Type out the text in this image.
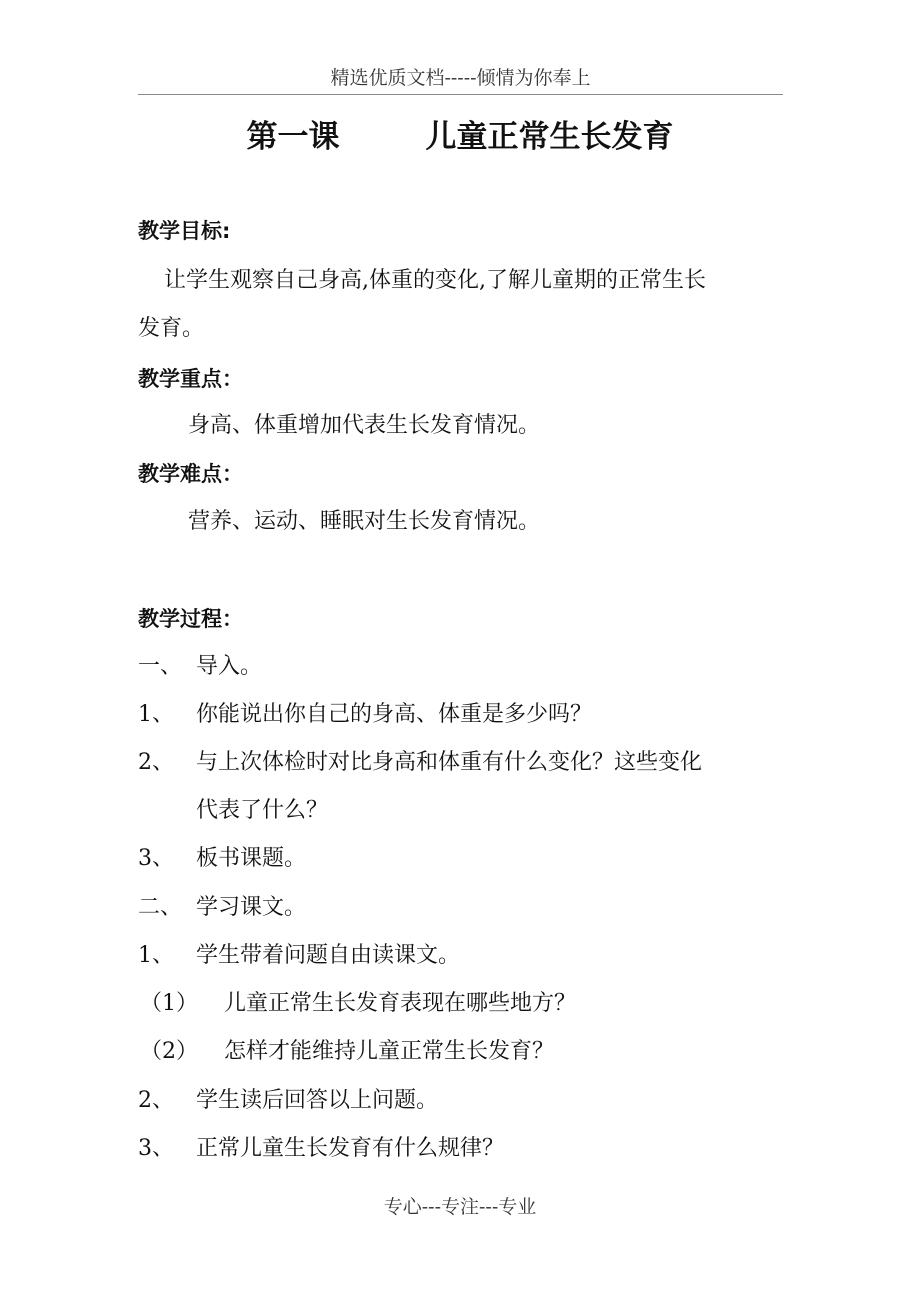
精选优质文档-----倾情为你奉上
第一课	儿童正常生长发育
教学目标:
让学生观察自己身高,体重的变化,了解儿童期的正常生长
发育。
教学重点：
身高、体重增加代表生长发育情况。
教学难点：
营养、运动、睡眠对生长发育情况。
教学过程：
一、 导入。
1、 你能说出你自己的身高、体重是多少吗？
2、 与上次体检时对比身高和体重有什么变化？这些变化
代表了什么？
3、 板书课题。
二、 学习课文。
1、 学生带着问题自由读课文。
（1） 儿童正常生长发育表现在哪些地方？
（2） 怎样才能维持儿童正常生长发育？
2、 学生读后回答以上问题。
3、 正常儿童生长发育有什么规律？
专心---专注---专业
